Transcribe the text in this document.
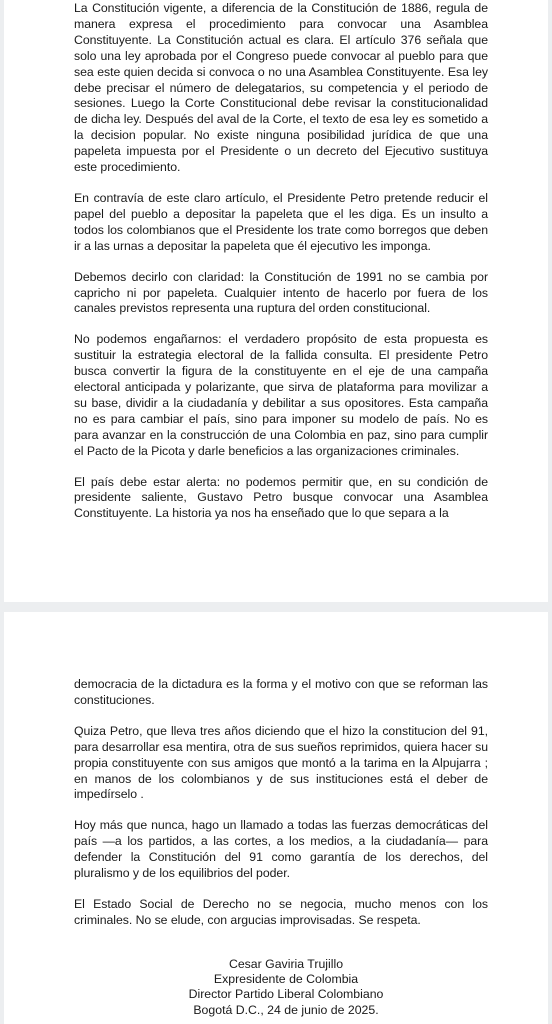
La Constitución vigente, a diferencia de la Constitución de 1886, regula de manera expresa el procedimiento para convocar una Asamblea Constituyente. La Constitución actual es clara. El artículo 376 señala que solo una ley aprobada por el Congreso puede convocar al pueblo para que sea este quien decida si convoca o no una Asamblea Constituyente. Esa ley debe precisar el número de delegatarios, su competencia y el periodo de sesiones. Luego la Corte Constitucional debe revisar la constitucionalidad de dicha ley. Después del aval de la Corte, el texto de esa ley es sometido a la decision popular. No existe ninguna posibilidad jurídica de que una papeleta impuesta por el Presidente o un decreto del Ejecutivo sustituya este procedimiento.

En contravía de este claro artículo, el Presidente Petro pretende reducir el papel del pueblo a depositar la papeleta que el les diga. Es un insulto a todos los colombianos que el Presidente los trate como borregos que deben ir a las urnas a depositar la papeleta que él ejecutivo les imponga.

Debemos decirlo con claridad: la Constitución de 1991 no se cambia por capricho ni por papeleta. Cualquier intento de hacerlo por fuera de los canales previstos representa una ruptura del orden constitucional.

No podemos engañarnos: el verdadero propósito de esta propuesta es sustituir la estrategia electoral de la fallida consulta. El presidente Petro busca convertir la figura de la constituyente en el eje de una campaña electoral anticipada y polarizante, que sirva de plataforma para movilizar a su base, dividir a la ciudadanía y debilitar a sus opositores. Esta campaña no es para cambiar el país, sino para imponer su modelo de país. No es para avanzar en la construcción de una Colombia en paz, sino para cumplir el Pacto de la Picota y darle beneficios a las organizaciones criminales.

El país debe estar alerta: no podemos permitir que, en su condición de presidente saliente, Gustavo Petro busque convocar una Asamblea Constituyente. La historia ya nos ha enseñado que lo que separa a la

democracia de la dictadura es la forma y el motivo con que se reforman las constituciones.

Quiza Petro, que lleva tres años diciendo que el hizo la constitucion del 91, para desarrollar esa mentira, otra de sus sueños reprimidos, quiera hacer su propia constituyente con sus amigos que montó a la tarima en la Alpujarra ; en manos de los colombianos y de sus instituciones está el deber de impedírselo .

Hoy más que nunca, hago un llamado a todas las fuerzas democráticas del país —a los partidos, a las cortes, a los medios, a la ciudadanía— para defender la Constitución del 91 como garantía de los derechos, del pluralismo y de los equilibrios del poder.

El Estado Social de Derecho no se negocia, mucho menos con los criminales. No se elude, con argucias improvisadas. Se respeta.

Cesar Gaviria Trujillo
Expresidente de Colombia
Director Partido Liberal Colombiano
Bogotá D.C., 24 de junio de 2025.
